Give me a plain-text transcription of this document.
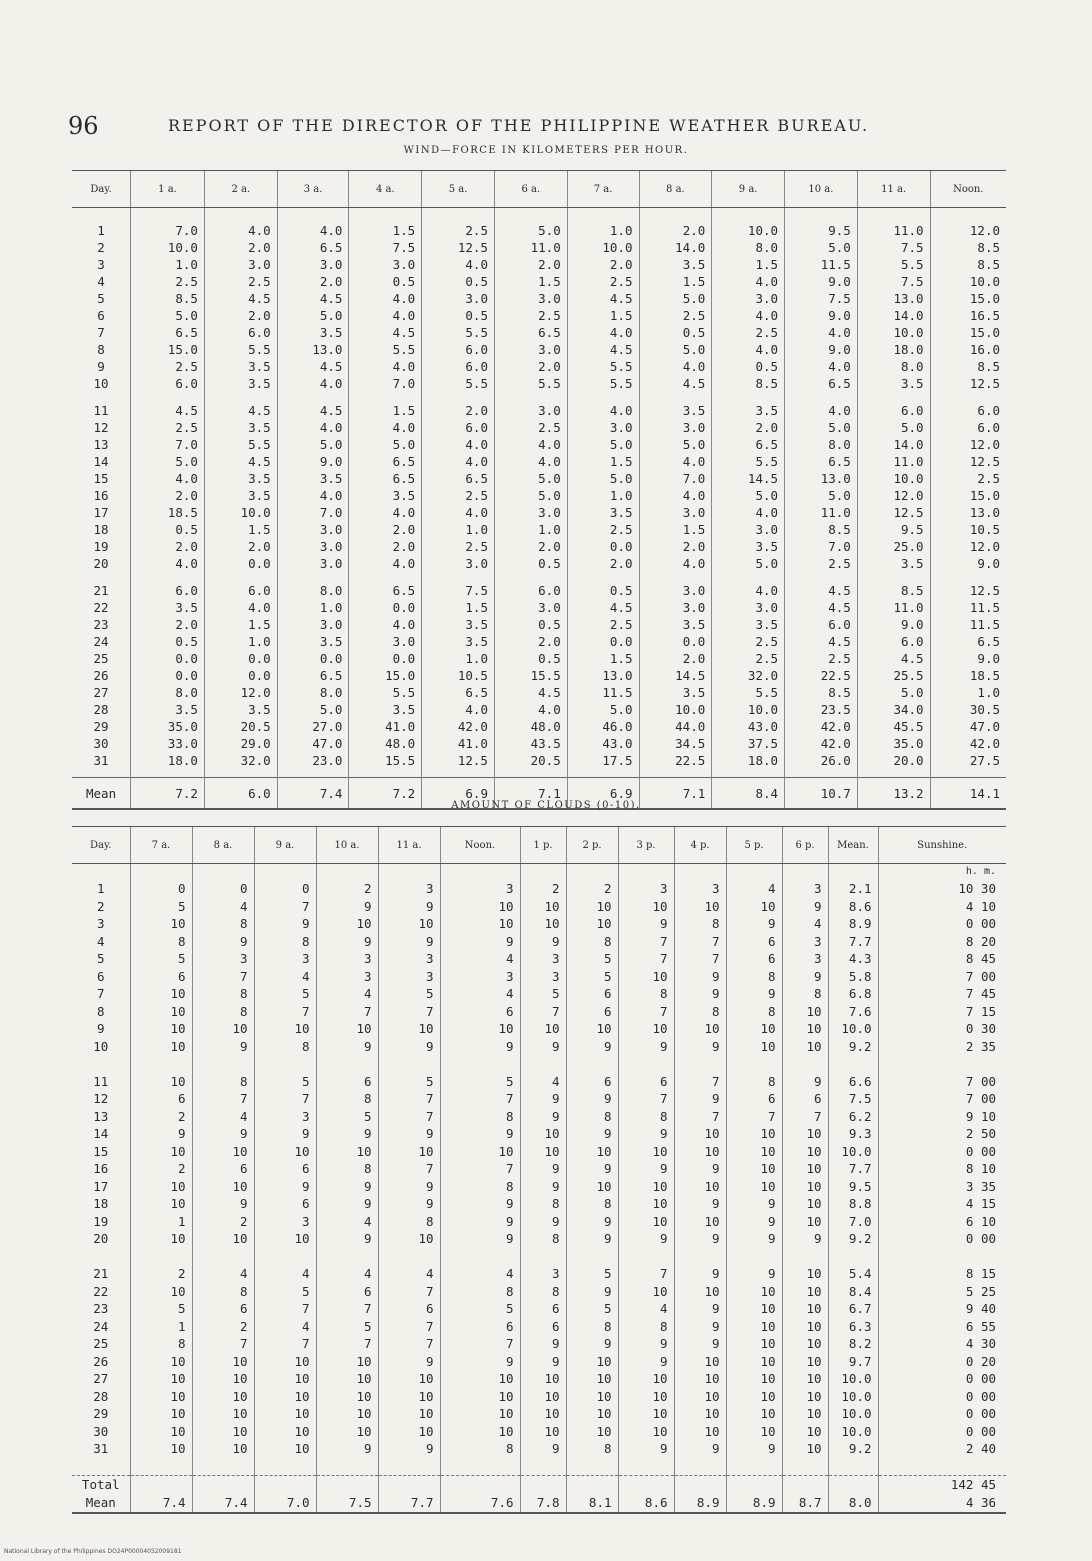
96	REPORT OF THE DIRECTOR OF THE PHILIPPINE WEATHER BUREAU.
WIND—FORCE IN KILOMETERS PER HOUR.
Day.	1 a.	2 a.	3 a.	4 a.	5 a.	6 a.	7 a.	8 a.	9 a.	10 a.	11 a.	Noon.

1	7.0	4.0	4.0	1.5	2.5	5.0	1.0	2.0	10.0	9.5	11.0	12.0
2	10.0	2.0	6.5	7.5	12.5	11.0	10.0	14.0	8.0	5.0	7.5	8.5
3	1.0	3.0	3.0	3.0	4.0	2.0	2.0	3.5	1.5	11.5	5.5	8.5
4	2.5	2.5	2.0	0.5	0.5	1.5	2.5	1.5	4.0	9.0	7.5	10.0
5	8.5	4.5	4.5	4.0	3.0	3.0	4.5	5.0	3.0	7.5	13.0	15.0
6	5.0	2.0	5.0	4.0	0.5	2.5	1.5	2.5	4.0	9.0	14.0	16.5
7	6.5	6.0	3.5	4.5	5.5	6.5	4.0	0.5	2.5	4.0	10.0	15.0
8	15.0	5.5	13.0	5.5	6.0	3.0	4.5	5.0	4.0	9.0	18.0	16.0
9	2.5	3.5	4.5	4.0	6.0	2.0	5.5	4.0	0.5	4.0	8.0	8.5
10	6.0	3.5	4.0	7.0	5.5	5.5	5.5	4.5	8.5	6.5	3.5	12.5

11	4.5	4.5	4.5	1.5	2.0	3.0	4.0	3.5	3.5	4.0	6.0	6.0
12	2.5	3.5	4.0	4.0	6.0	2.5	3.0	3.0	2.0	5.0	5.0	6.0
13	7.0	5.5	5.0	5.0	4.0	4.0	5.0	5.0	6.5	8.0	14.0	12.0
14	5.0	4.5	9.0	6.5	4.0	4.0	1.5	4.0	5.5	6.5	11.0	12.5
15	4.0	3.5	3.5	6.5	6.5	5.0	5.0	7.0	14.5	13.0	10.0	2.5
16	2.0	3.5	4.0	3.5	2.5	5.0	1.0	4.0	5.0	5.0	12.0	15.0
17	18.5	10.0	7.0	4.0	4.0	3.0	3.5	3.0	4.0	11.0	12.5	13.0
18	0.5	1.5	3.0	2.0	1.0	1.0	2.5	1.5	3.0	8.5	9.5	10.5
19	2.0	2.0	3.0	2.0	2.5	2.0	0.0	2.0	3.5	7.0	25.0	12.0
20	4.0	0.0	3.0	4.0	3.0	0.5	2.0	4.0	5.0	2.5	3.5	9.0

21	6.0	6.0	8.0	6.5	7.5	6.0	0.5	3.0	4.0	4.5	8.5	12.5
22	3.5	4.0	1.0	0.0	1.5	3.0	4.5	3.0	3.0	4.5	11.0	11.5
23	2.0	1.5	3.0	4.0	3.5	0.5	2.5	3.5	3.5	6.0	9.0	11.5
24	0.5	1.0	3.5	3.0	3.5	2.0	0.0	0.0	2.5	4.5	6.0	6.5
25	0.0	0.0	0.0	0.0	1.0	0.5	1.5	2.0	2.5	2.5	4.5	9.0
26	0.0	0.0	6.5	15.0	10.5	15.5	13.0	14.5	32.0	22.5	25.5	18.5
27	8.0	12.0	8.0	5.5	6.5	4.5	11.5	3.5	5.5	8.5	5.0	1.0
28	3.5	3.5	5.0	3.5	4.0	4.0	5.0	10.0	10.0	23.5	34.0	30.5
29	35.0	20.5	27.0	41.0	42.0	48.0	46.0	44.0	43.0	42.0	45.5	47.0
30	33.0	29.0	47.0	48.0	41.0	43.5	43.0	34.5	37.5	42.0	35.0	42.0
31	18.0	32.0	23.0	15.5	12.5	20.5	17.5	22.5	18.0	26.0	20.0	27.5

Mean	7.2	6.0	7.4	7.2	6.9	7.1	6.9	7.1	8.4	10.7	13.2	14.1
AMOUNT OF CLOUDS (0-10).
Day.	7 a.	8 a.	9 a.	10 a.	11 a.	Noon.	1 p.	2 p.	3 p.	4 p.	5 p.	6 p.	Mean.	Sunshine.
														h. m.
1	0	0	0	2	3	3	2	2	3	3	4	3	2.1	10 30
2	5	4	7	9	9	10	10	10	10	10	10	9	8.6	4 10
3	10	8	9	10	10	10	10	10	9	8	9	4	8.9	0 00
4	8	9	8	9	9	9	9	8	7	7	6	3	7.7	8 20
5	5	3	3	3	3	4	3	5	7	7	6	3	4.3	8 45
6	6	7	4	3	3	3	3	5	10	9	8	9	5.8	7 00
7	10	8	5	4	5	4	5	6	8	9	9	8	6.8	7 45
8	10	8	7	7	7	6	7	6	7	8	8	10	7.6	7 15
9	10	10	10	10	10	10	10	10	10	10	10	10	10.0	0 30
10	10	9	8	9	9	9	9	9	9	9	10	10	9.2	2 35

11	10	8	5	6	5	5	4	6	6	7	8	9	6.6	7 00
12	6	7	7	8	7	7	9	9	7	9	6	6	7.5	7 00
13	2	4	3	5	7	8	9	8	8	7	7	7	6.2	9 10
14	9	9	9	9	9	9	10	9	9	10	10	10	9.3	2 50
15	10	10	10	10	10	10	10	10	10	10	10	10	10.0	0 00
16	2	6	6	8	7	7	9	9	9	9	10	10	7.7	8 10
17	10	10	9	9	9	8	9	10	10	10	10	10	9.5	3 35
18	10	9	6	9	9	9	8	8	10	9	9	10	8.8	4 15
19	1	2	3	4	8	9	9	9	10	10	9	10	7.0	6 10
20	10	10	10	9	10	9	8	9	9	9	9	9	9.2	0 00

21	2	4	4	4	4	4	3	5	7	9	9	10	5.4	8 15
22	10	8	5	6	7	8	8	9	10	10	10	10	8.4	5 25
23	5	6	7	7	6	5	6	5	4	9	10	10	6.7	9 40
24	1	2	4	5	7	6	6	8	8	9	10	10	6.3	6 55
25	8	7	7	7	7	7	9	9	9	9	10	10	8.2	4 30
26	10	10	10	10	9	9	9	10	9	10	10	10	9.7	0 20
27	10	10	10	10	10	10	10	10	10	10	10	10	10.0	0 00
28	10	10	10	10	10	10	10	10	10	10	10	10	10.0	0 00
29	10	10	10	10	10	10	10	10	10	10	10	10	10.0	0 00
30	10	10	10	10	10	10	10	10	10	10	10	10	10.0	0 00
31	10	10	10	9	9	8	9	8	9	9	9	10	9.2	2 40

Total														142 45
Mean	7.4	7.4	7.0	7.5	7.7	7.6	7.8	8.1	8.6	8.9	8.9	8.7	8.0	4 36
National Library of the Philippines DO24P00004052009181
